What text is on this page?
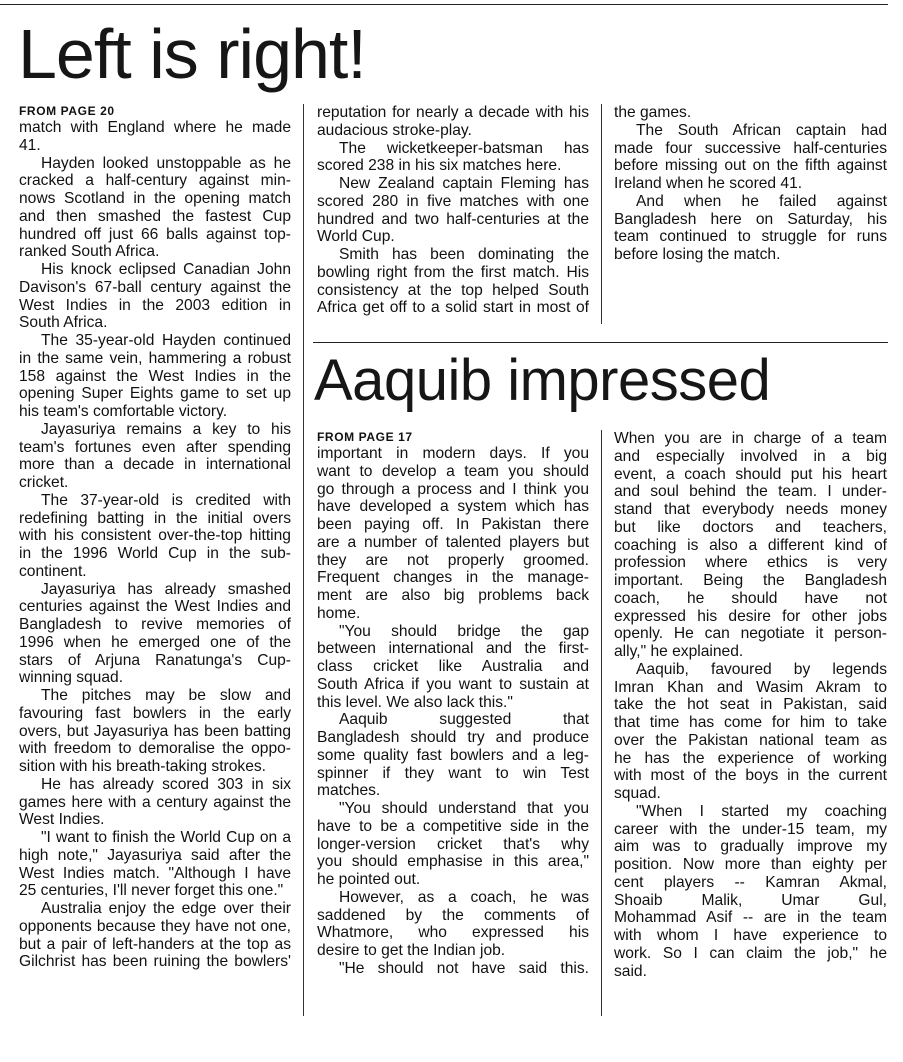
Left is right!
FROM PAGE 20
match with England where he made
41.
Hayden looked unstoppable as he
cracked a half-century against min-
nows Scotland in the opening match
and then smashed the fastest Cup
hundred off just 66 balls against top-
ranked South Africa.
His knock eclipsed Canadian John
Davison's 67-ball century against the
West Indies in the 2003 edition in
South Africa.
The 35-year-old Hayden continued
in the same vein, hammering a robust
158 against the West Indies in the
opening Super Eights game to set up
his team's comfortable victory.
Jayasuriya remains a key to his
team's fortunes even after spending
more than a decade in international
cricket.
The 37-year-old is credited with
redefining batting in the initial overs
with his consistent over-the-top hitting
in the 1996 World Cup in the sub-
continent.
Jayasuriya has already smashed
centuries against the West Indies and
Bangladesh to revive memories of
1996 when he emerged one of the
stars of Arjuna Ranatunga's Cup-
winning squad.
The pitches may be slow and
favouring fast bowlers in the early
overs, but Jayasuriya has been batting
with freedom to demoralise the oppo-
sition with his breath-taking strokes.
He has already scored 303 in six
games here with a century against the
West Indies.
"I want to finish the World Cup on a
high note," Jayasuriya said after the
West Indies match. "Although I have
25 centuries, I'll never forget this one."
Australia enjoy the edge over their
opponents because they have not one,
but a pair of left-handers at the top as
Gilchrist has been ruining the bowlers'
reputation for nearly a decade with his
audacious stroke-play.
The wicketkeeper-batsman has
scored 238 in his six matches here.
New Zealand captain Fleming has
scored 280 in five matches with one
hundred and two half-centuries at the
World Cup.
Smith has been dominating the
bowling right from the first match. His
consistency at the top helped South
Africa get off to a solid start in most of
the games.
The South African captain had
made four successive half-centuries
before missing out on the fifth against
Ireland when he scored 41.
And when he failed against
Bangladesh here on Saturday, his
team continued to struggle for runs
before losing the match.
Aaquib impressed
FROM PAGE 17
important in modern days. If you
want to develop a team you should
go through a process and I think you
have developed a system which has
been paying off. In Pakistan there
are a number of talented players but
they are not properly groomed.
Frequent changes in the manage-
ment are also big problems back
home.
"You should bridge the gap
between international and the first-
class cricket like Australia and
South Africa if you want to sustain at
this level. We also lack this."
Aaquib suggested that
Bangladesh should try and produce
some quality fast bowlers and a leg-
spinner if they want to win Test
matches.
"You should understand that you
have to be a competitive side in the
longer-version cricket that's why
you should emphasise in this area,"
he pointed out.
However, as a coach, he was
saddened by the comments of
Whatmore, who expressed his
desire to get the Indian job.
"He should not have said this.
When you are in charge of a team
and especially involved in a big
event, a coach should put his heart
and soul behind the team. I under-
stand that everybody needs money
but like doctors and teachers,
coaching is also a different kind of
profession where ethics is very
important. Being the Bangladesh
coach, he should have not
expressed his desire for other jobs
openly. He can negotiate it person-
ally," he explained.
Aaquib, favoured by legends
Imran Khan and Wasim Akram to
take the hot seat in Pakistan, said
that time has come for him to take
over the Pakistan national team as
he has the experience of working
with most of the boys in the current
squad.
"When I started my coaching
career with the under-15 team, my
aim was to gradually improve my
position. Now more than eighty per
cent players -- Kamran Akmal,
Shoaib Malik, Umar Gul,
Mohammad Asif -- are in the team
with whom I have experience to
work. So I can claim the job," he
said.
